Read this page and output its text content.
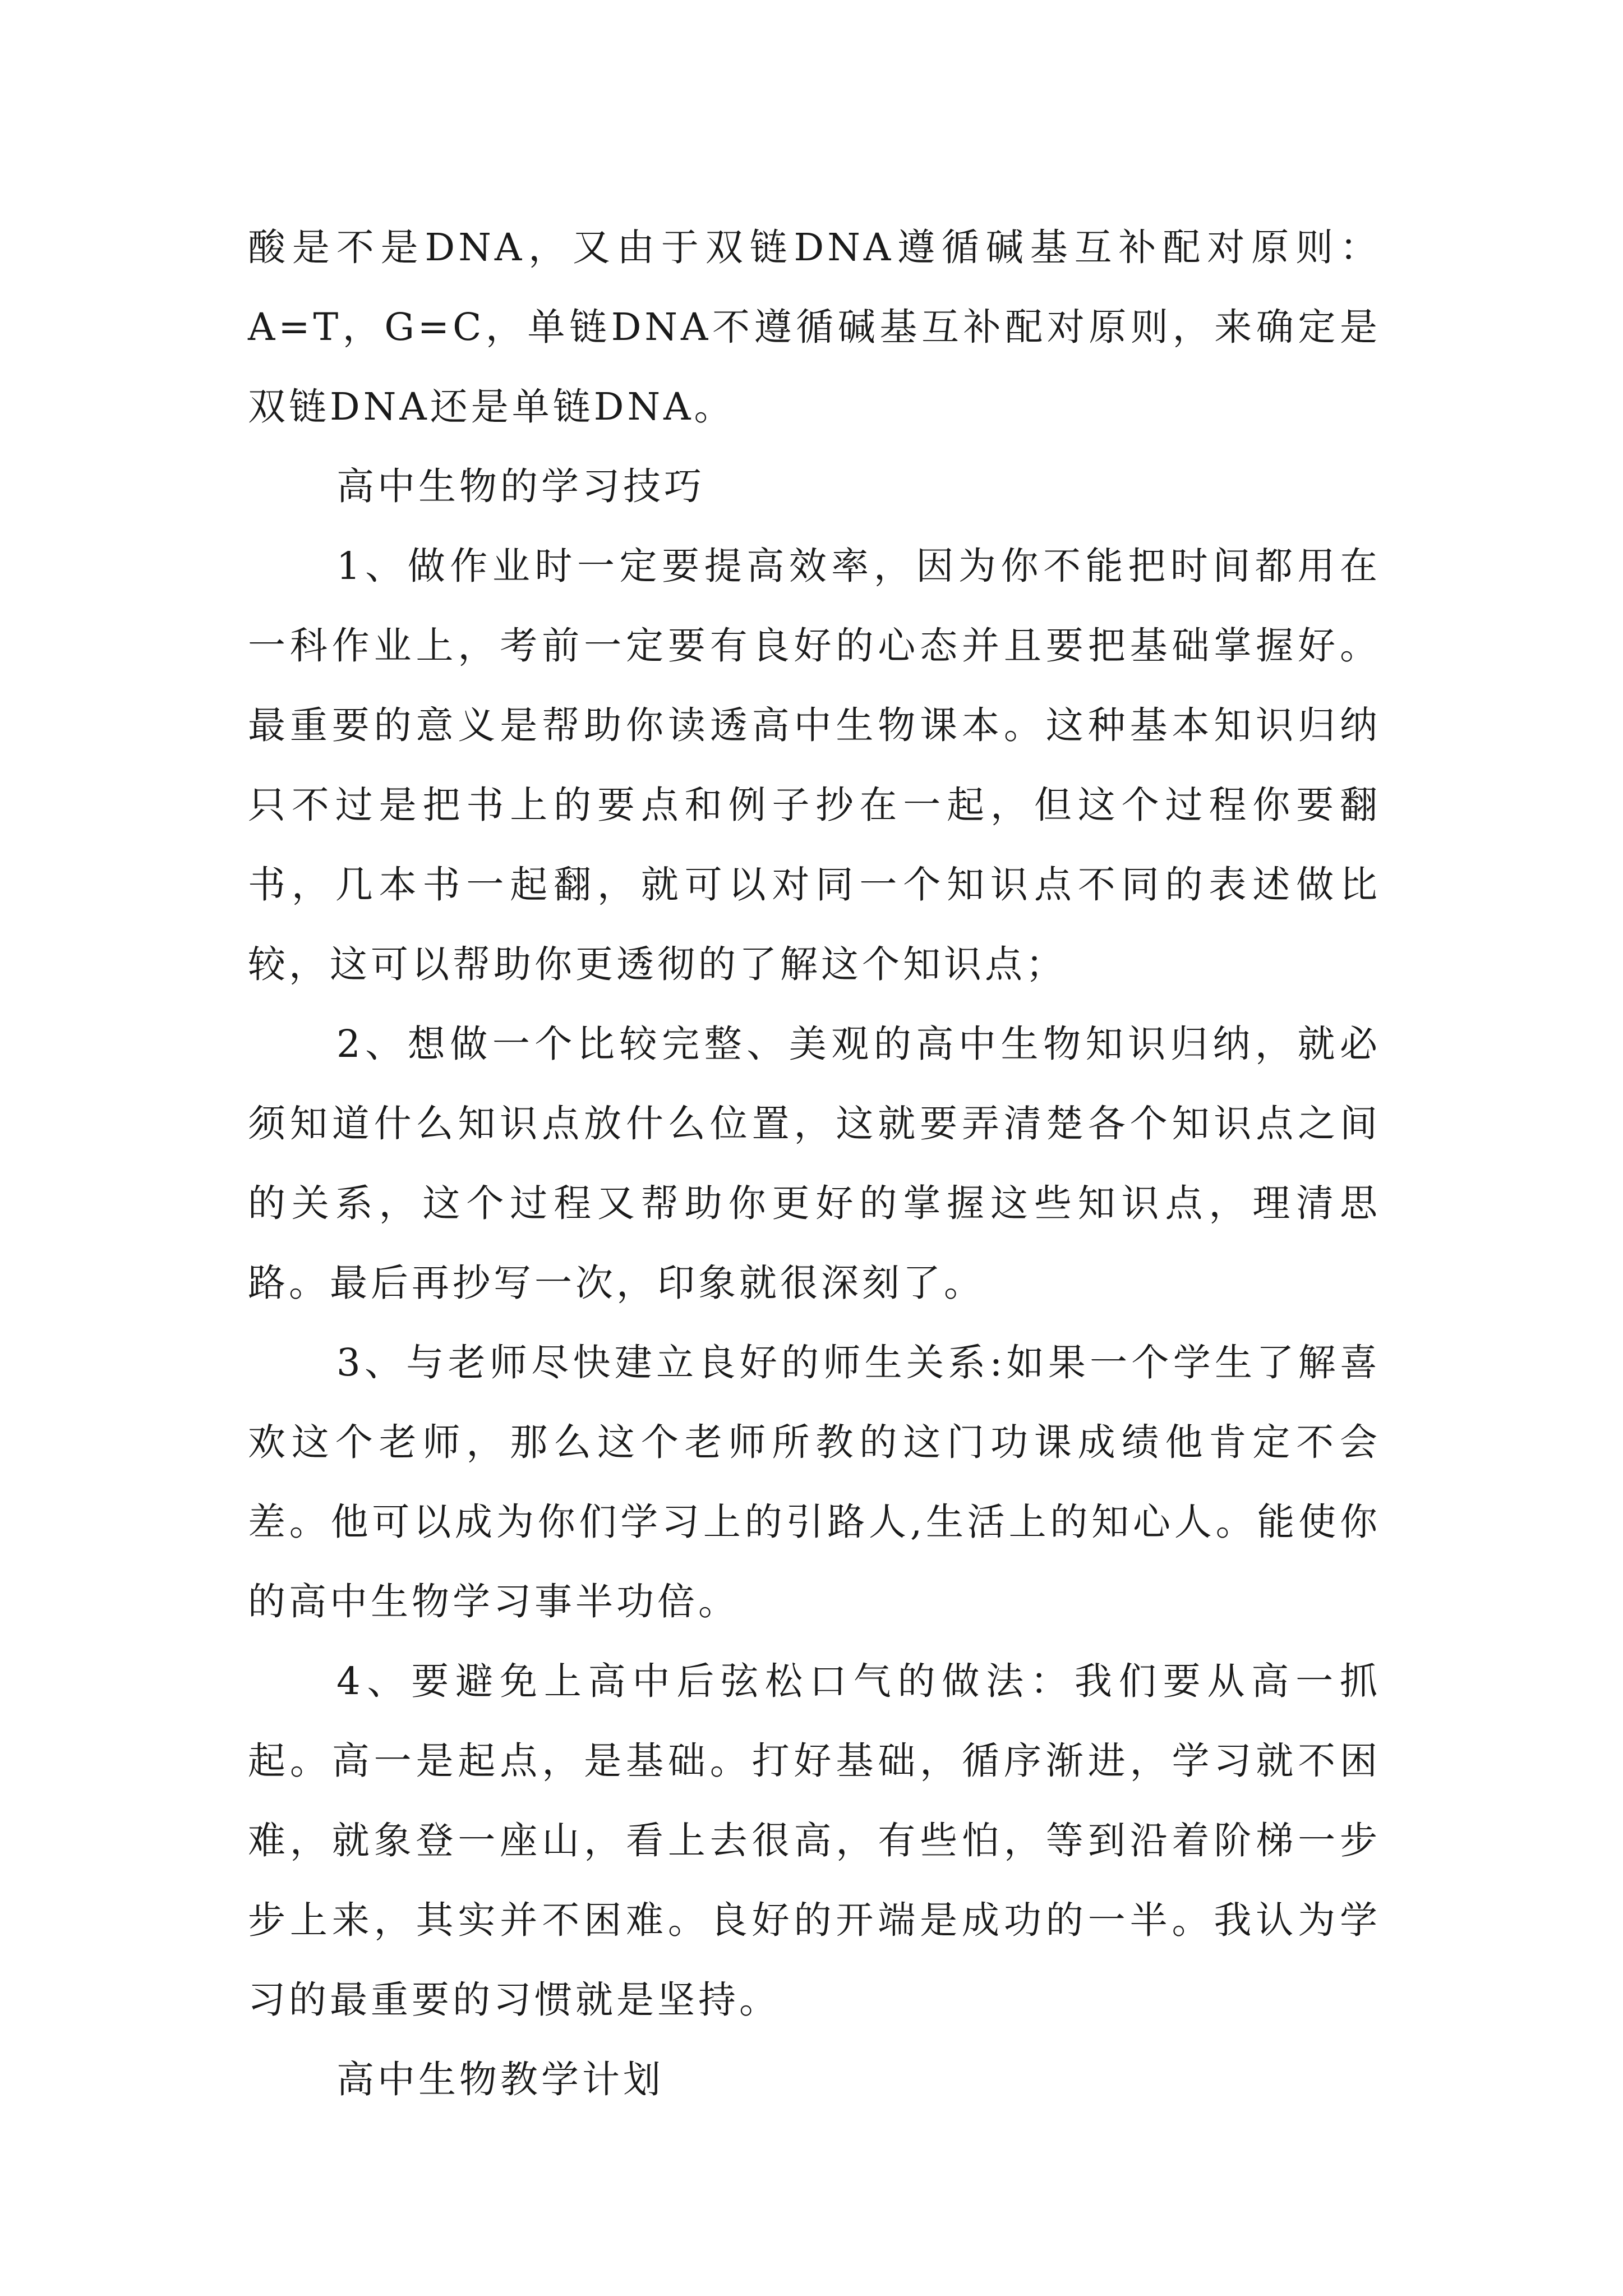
酸是不是DNA，又由于双链DNA遵循碱基互补配对原则：A=T，G=C，单链DNA不遵循碱基互补配对原则，来确定是双链DNA还是单链DNA。

高中生物的学习技巧

1、做作业时一定要提高效率，因为你不能把时间都用在一科作业上，考前一定要有良好的心态并且要把基础掌握好。最重要的意义是帮助你读透高中生物课本。这种基本知识归纳只不过是把书上的要点和例子抄在一起，但这个过程你要翻书，几本书一起翻，就可以对同一个知识点不同的表述做比较，这可以帮助你更透彻的了解这个知识点；

2、想做一个比较完整、美观的高中生物知识归纳，就必须知道什么知识点放什么位置，这就要弄清楚各个知识点之间的关系，这个过程又帮助你更好的掌握这些知识点，理清思路。最后再抄写一次，印象就很深刻了。

3、与老师尽快建立良好的师生关系:如果一个学生了解喜欢这个老师，那么这个老师所教的这门功课成绩他肯定不会差。他可以成为你们学习上的引路人,生活上的知心人。能使你的高中生物学习事半功倍。

4、要避免上高中后弦松口气的做法：我们要从高一抓起。高一是起点，是基础。打好基础，循序渐进，学习就不困难，就象登一座山，看上去很高，有些怕，等到沿着阶梯一步步上来，其实并不困难。良好的开端是成功的一半。我认为学习的最重要的习惯就是坚持。

高中生物教学计划
